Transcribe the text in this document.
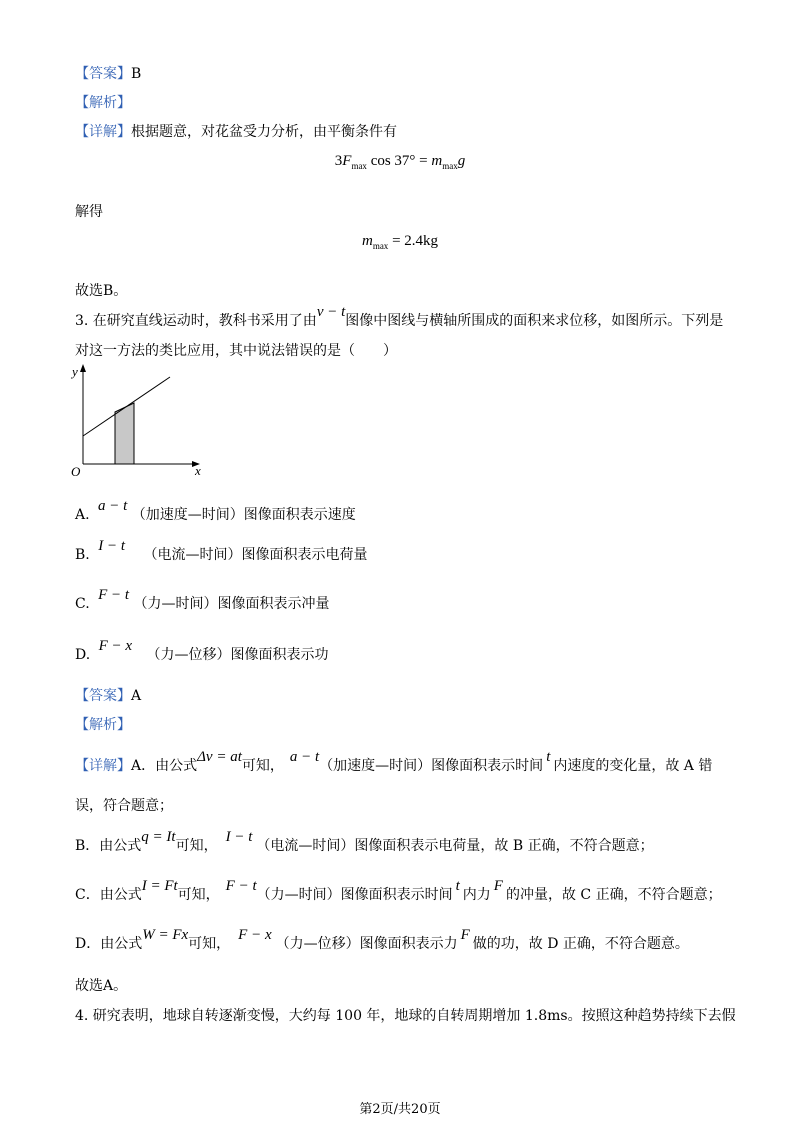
【答案】B
【解析】
【详解】根据题意，对花盆受力分析，由平衡条件有
$3F_{max}$ $\cos 37^\circ = m_{max}g$
解得
$m_{max} = 2.4kg$
故选B。
3. 在研究直线运动时，教科书采用了由v − t图像中图线与横轴所围成的面积来求位移，如图所示。下列是
对这一方法的类比应用，其中说法错误的是（　　）
y
x
O
A. a − t （加速度—时间）图像面积表示速度
B. I − t （电流—时间）图像面积表示电荷量
C. F − t （力—时间）图像面积表示冲量
D. F − x （力—位移）图像面积表示功
【答案】A
【解析】
【详解】A．由公式Δv = at可知，a − t（加速度—时间）图像面积表示时间t内速度的变化量，故 A 错
误，符合题意；
B．由公式q = It可知，I − t（电流—时间）图像面积表示电荷量，故 B 正确，不符合题意；
C．由公式I = Ft可知，F − t（力—时间）图像面积表示时间t内力F的冲量，故 C 正确，不符合题意；
D．由公式W = Fx可知，F − x（力—位移）图像面积表示力F做的功，故 D 正确，不符合题意。
故选A。
4. 研究表明，地球自转逐渐变慢，大约每 100 年，地球的自转周期增加 1.8ms。按照这种趋势持续下去假
第2页/共20页
